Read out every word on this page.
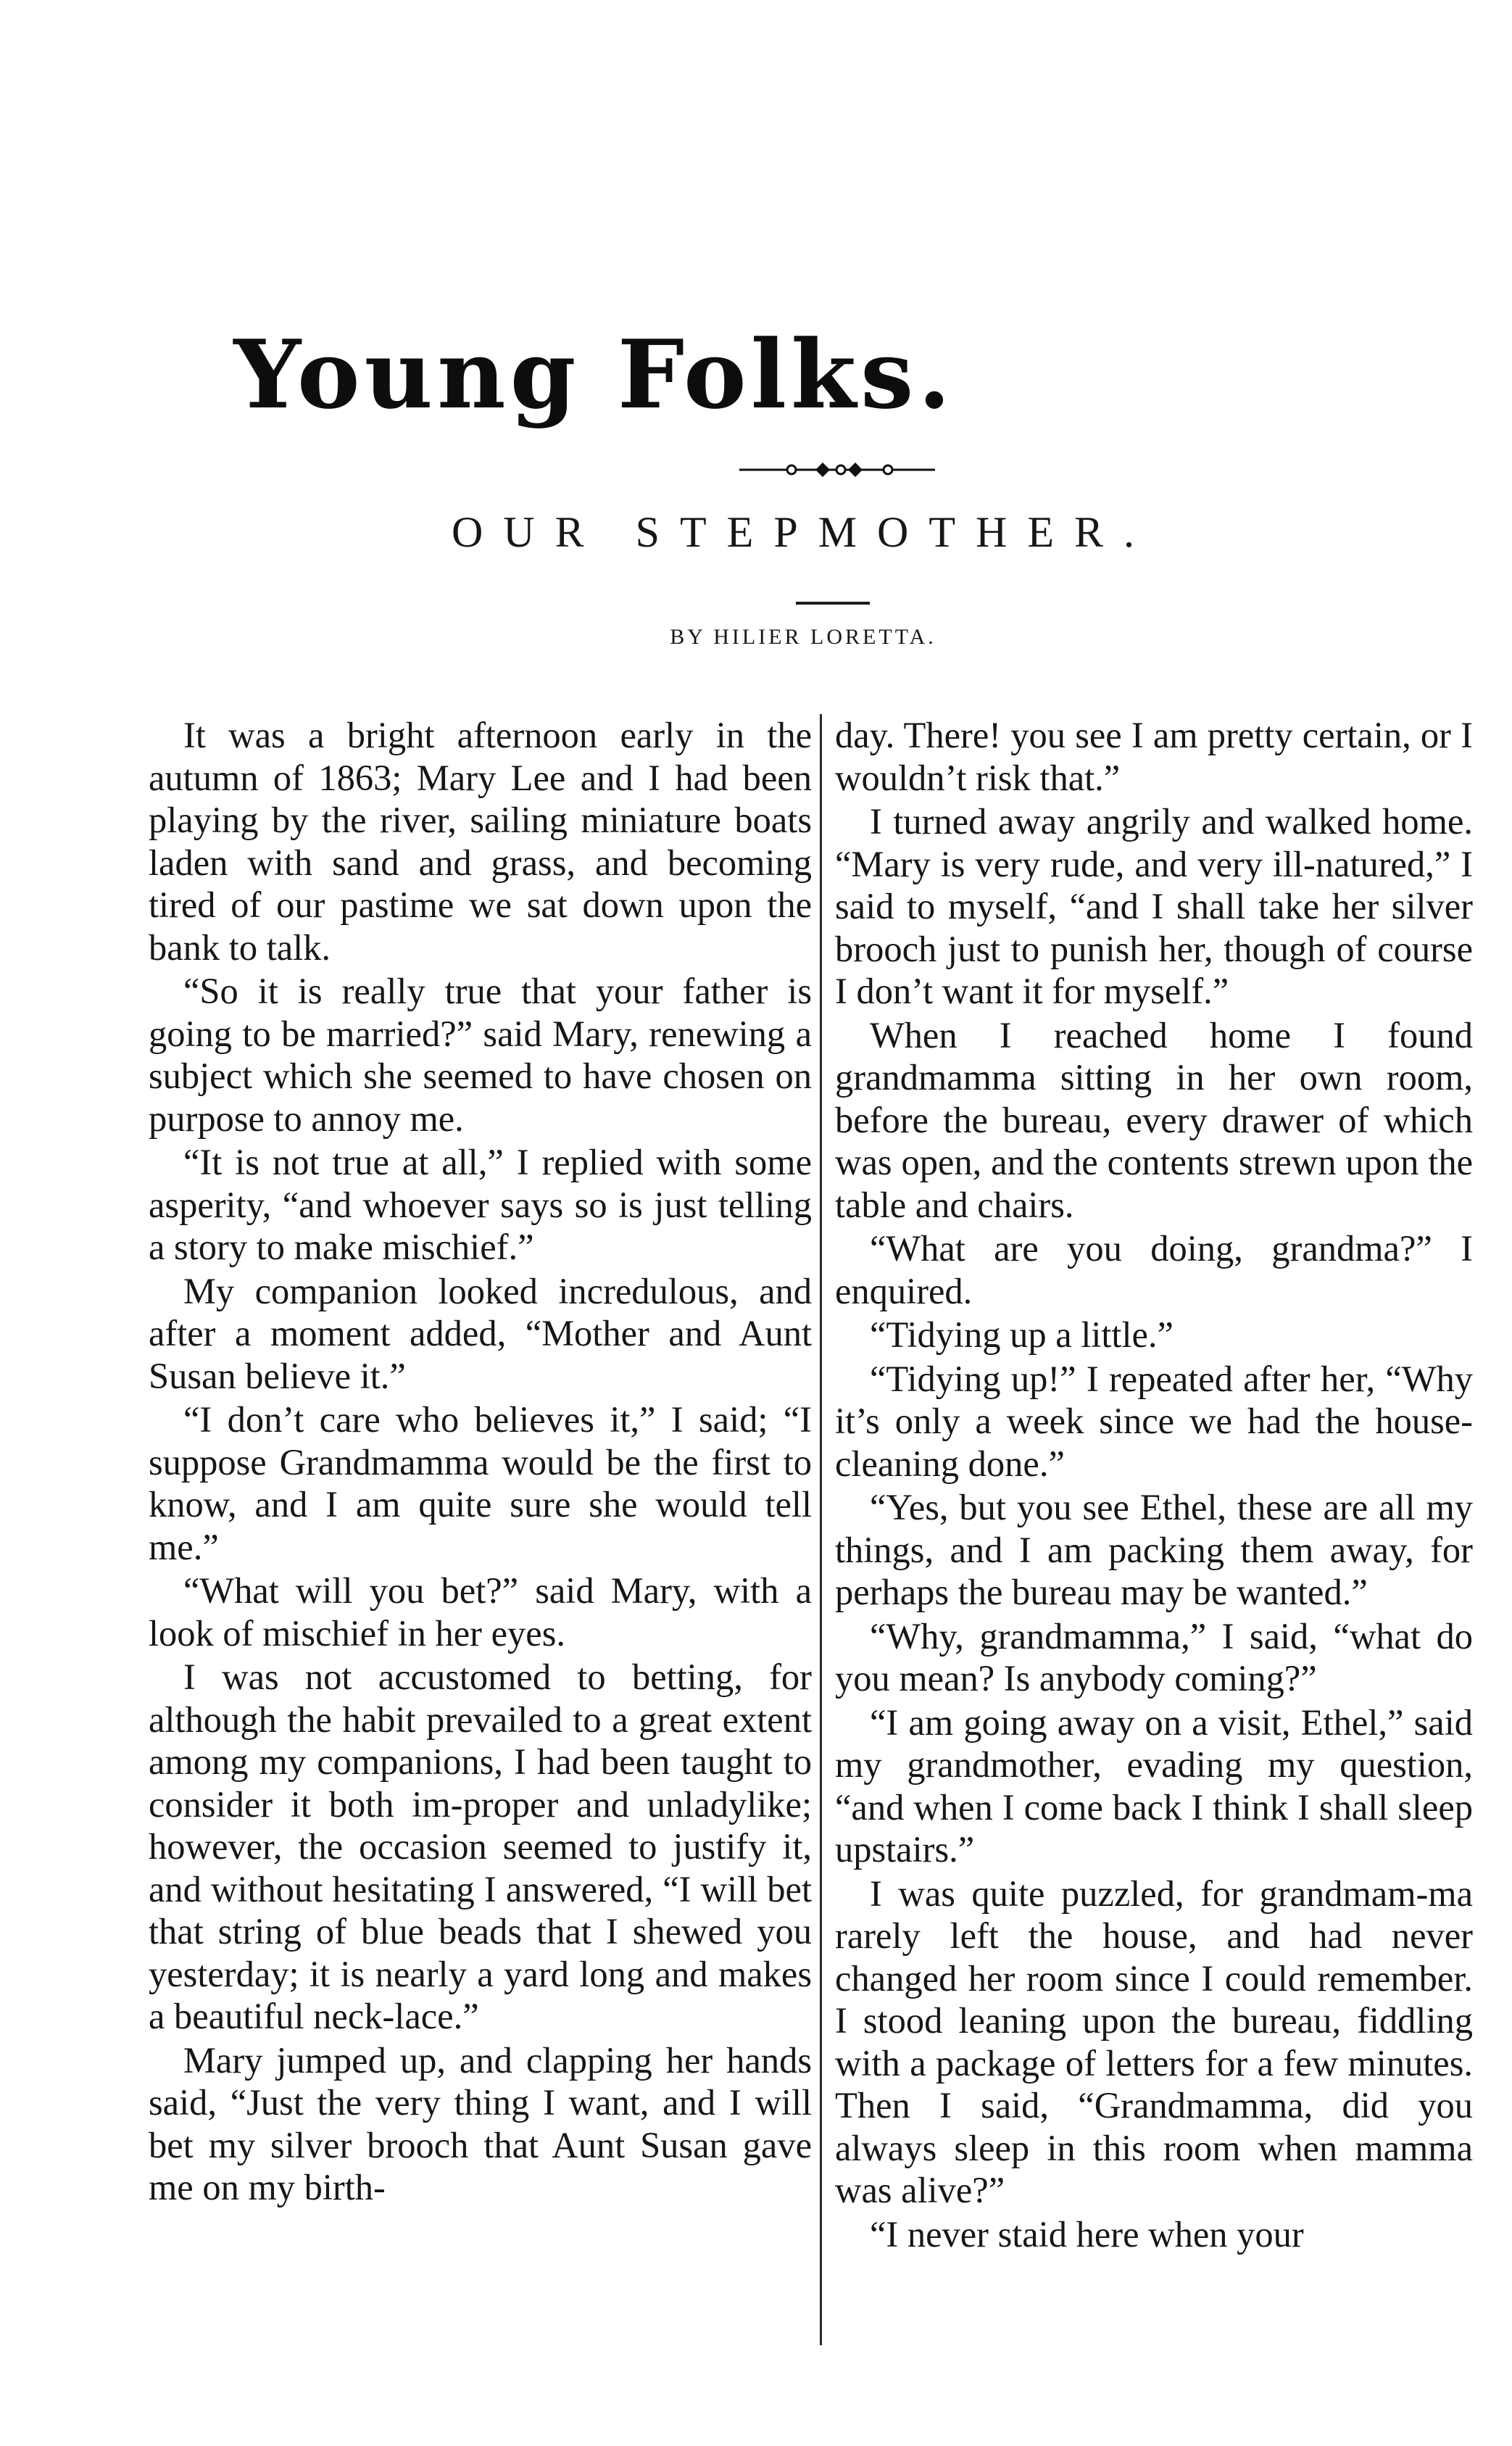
Young Folks.
OUR STEPMOTHER.
BY HILIER LORETTA.

It was a bright afternoon early in the autumn of 1863; Mary Lee and I had been playing by the river, sailing miniature boats laden with sand and grass, and becoming tired of our pastime we sat down upon the bank to talk.

“So it is really true that your father is going to be married?” said Mary, renewing a subject which she seemed to have chosen on purpose to annoy me.

“It is not true at all,” I replied with some asperity, “and whoever says so is just telling a story to make mischief.”

My companion looked incredulous, and after a moment added, “Mother and Aunt Susan believe it.”

“I don’t care who believes it,” I said; “I suppose Grandmamma would be the first to know, and I am quite sure she would tell me.”

“What will you bet?” said Mary, with a look of mischief in her eyes.

I was not accustomed to betting, for although the habit prevailed to a great extent among my companions, I had been taught to consider it both im-proper and unladylike; however, the occasion seemed to justify it, and without hesitating I answered, “I will bet that string of blue beads that I shewed you yesterday; it is nearly a yard long and makes a beautiful neck-lace.”

Mary jumped up, and clapping her hands said, “Just the very thing I want, and I will bet my silver brooch that Aunt Susan gave me on my birth-

day. There! you see I am pretty certain, or I wouldn’t risk that.”

I turned away angrily and walked home. “Mary is very rude, and very ill-natured,” I said to myself, “and I shall take her silver brooch just to punish her, though of course I don’t want it for myself.”

When I reached home I found grandmamma sitting in her own room, before the bureau, every drawer of which was open, and the contents strewn upon the table and chairs.

“What are you doing, grandma?” I enquired.

“Tidying up a little.”

“Tidying up!” I repeated after her, “Why it’s only a week since we had the house-cleaning done.”

“Yes, but you see Ethel, these are all my things, and I am packing them away, for perhaps the bureau may be wanted.”

“Why, grandmamma,” I said, “what do you mean? Is anybody coming?”

“I am going away on a visit, Ethel,” said my grandmother, evading my question, “and when I come back I think I shall sleep upstairs.”

I was quite puzzled, for grandmam-ma rarely left the house, and had never changed her room since I could remember. I stood leaning upon the bureau, fiddling with a package of letters for a few minutes. Then I said, “Grandmamma, did you always sleep in this room when mamma was alive?”

“I never staid here when your
